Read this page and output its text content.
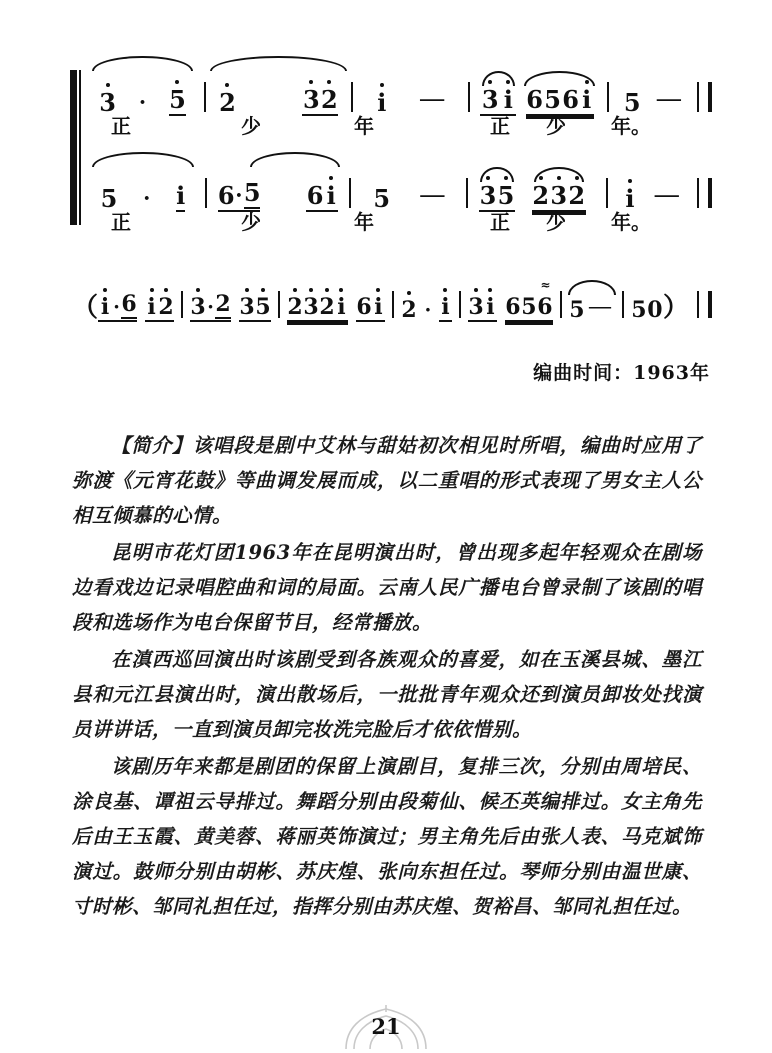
3 · 5 2	3 2 i — 3 i 6 5 6 i 5 —
正	少	年	正	少	年。
5 · i 6 · 5 6 i 5 — 3 5 2 3 2 i —
正	少	年	正	少	年。
（ i · 6 i 2 3 · 2 3 5 2 3 2 i 6 i 2 · i 3 i 6 5
≈
6 5 — 5 0 ）
编曲时间：1963年

【简介】该唱段是剧中艾林与甜姑初次相见时所唱，编曲时应用了弥渡《元宵花鼓》等曲调发展而成，以二重唱的形式表现了男女主人公相互倾慕的心情。

昆明市花灯团1963年在昆明演出时，曾出现多起年轻观众在剧场边看戏边记录唱腔曲和词的局面。云南人民广播电台曾录制了该剧的唱段和选场作为电台保留节目，经常播放。

在滇西巡回演出时该剧受到各族观众的喜爱，如在玉溪县城、墨江县和元江县演出时，演出散场后，一批批青年观众还到演员卸妆处找演员讲讲话，一直到演员卸完妆洗完脸后才依依惜别。

该剧历年来都是剧团的保留上演剧目，复排三次，分别由周培民、涂良基、谭祖云导排过。舞蹈分别由段菊仙、候丕英编排过。女主角先后由王玉霞、黄美蓉、蒋丽英饰演过；男主角先后由张人表、马克斌饰演过。鼓师分别由胡彬、苏庆煌、张向东担任过。琴师分别由温世康、寸时彬、邹同礼担任过，指挥分别由苏庆煌、贺裕昌、邹同礼担任过。

21
